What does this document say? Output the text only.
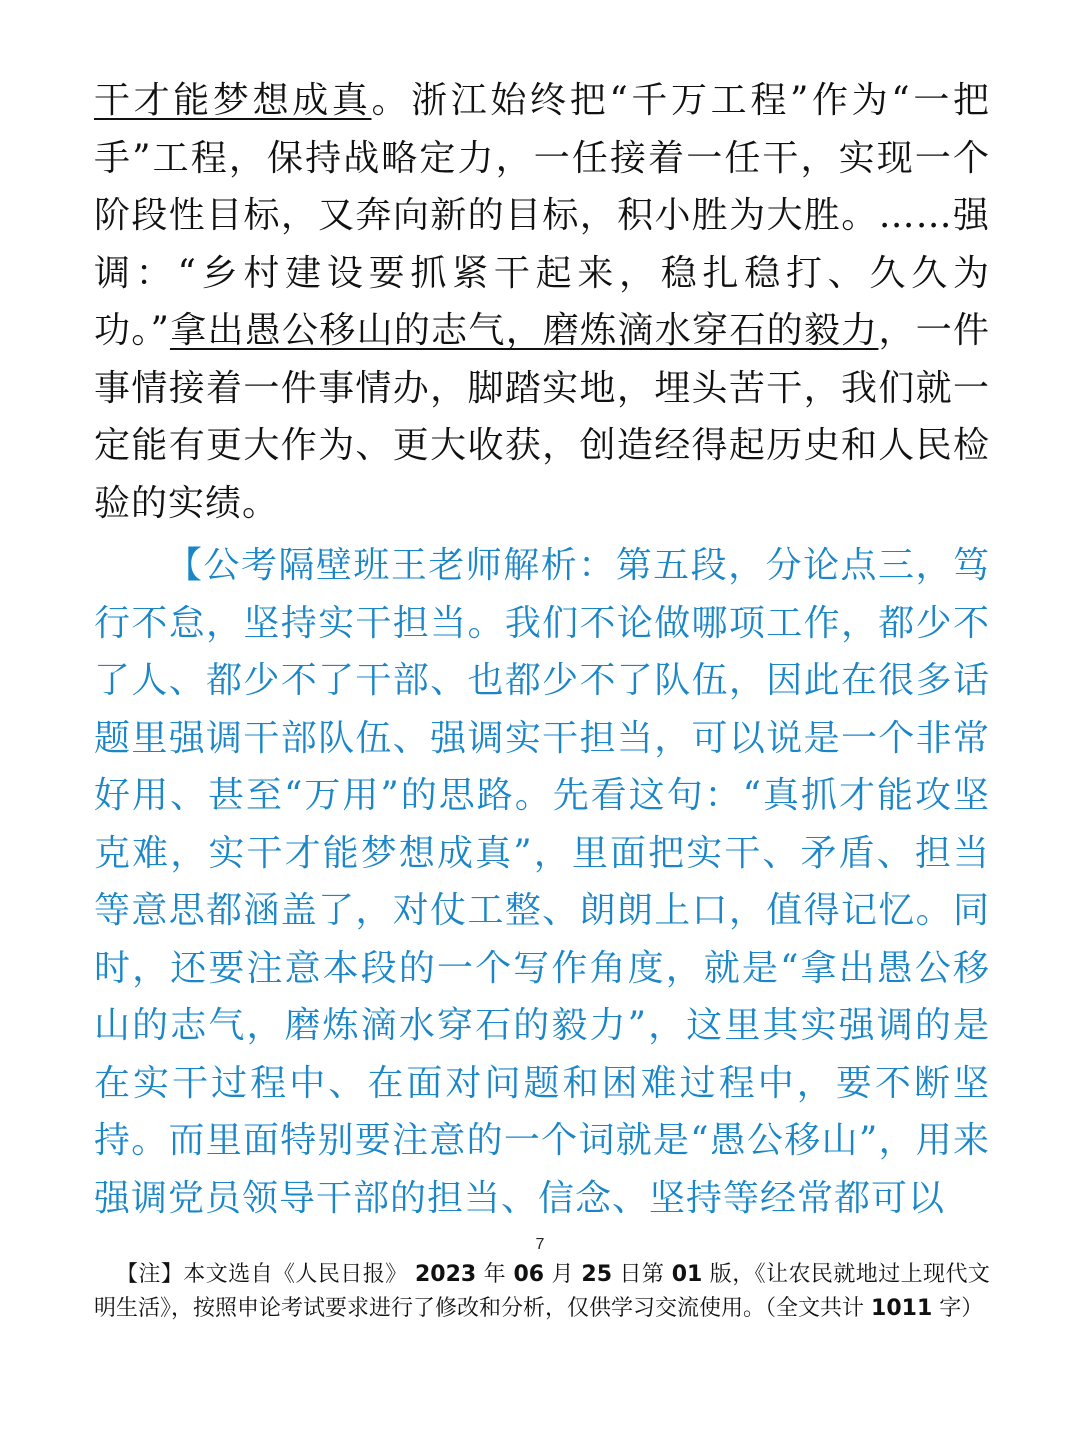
干才能梦想成真。浙江始终把“千万工程”作为“一把手”工程，保持战略定力，一任接着一任干，实现一个阶段性目标，又奔向新的目标，积小胜为大胜。……强调：“乡村建设要抓紧干起来，稳扎稳打、久久为功。”拿出愚公移山的志气，磨炼滴水穿石的毅力，一件事情接着一件事情办，脚踏实地，埋头苦干，我们就一定能有更大作为、更大收获，创造经得起历史和人民检验的实绩。

【公考隔壁班王老师解析：第五段，分论点三，笃行不怠，坚持实干担当。我们不论做哪项工作，都少不了人、都少不了干部、也都少不了队伍，因此在很多话题里强调干部队伍、强调实干担当，可以说是一个非常好用、甚至“万用”的思路。先看这句：“真抓才能攻坚克难，实干才能梦想成真”，里面把实干、矛盾、担当等意思都涵盖了，对仗工整、朗朗上口，值得记忆。同时，还要注意本段的一个写作角度，就是“拿出愚公移山的志气，磨炼滴水穿石的毅力”，这里其实强调的是在实干过程中、在面对问题和困难过程中，要不断坚持。而里面特别要注意的一个词就是“愚公移山”，用来强调党员领导干部的担当、信念、坚持等经常都可以

7
【注】本文选自《人民日报》 2023 年 06 月 25 日第 01 版，《让农民就地过上现代文明生活》，按照申论考试要求进行了修改和分析，仅供学习交流使用。（全文共计 1011 字）
